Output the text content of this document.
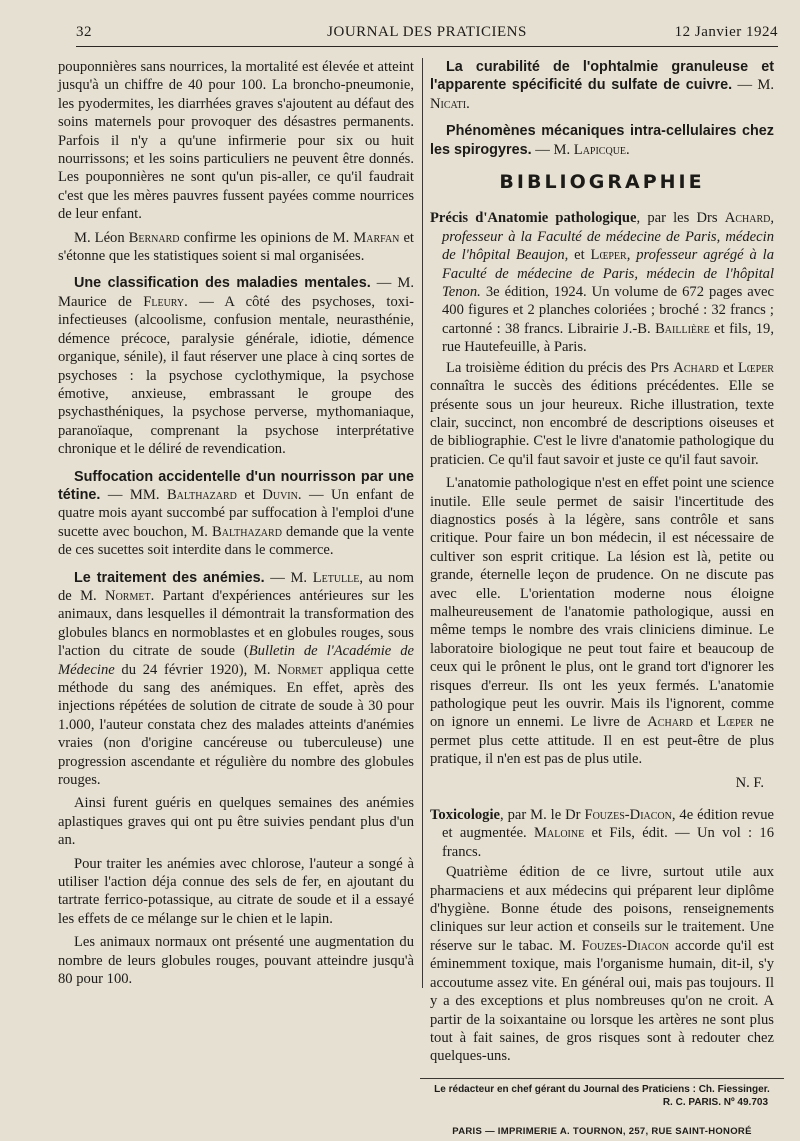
32	JOURNAL DES PRATICIENS	12 Janvier 1924

pouponnières sans nourrices, la mortalité est élevée et atteint jusqu'à un chiffre de 40 pour 100. La broncho-pneumonie, les pyodermites, les diarrhées graves s'ajoutent au défaut des soins maternels pour provoquer des désastres permanents. Parfois il n'y a qu'une infirmerie pour six ou huit nourrissons; et les soins particuliers ne peuvent être donnés. Les pouponnières ne sont qu'un pis-aller, ce qu'il faudrait c'est que les mères pauvres fussent payées comme nourrices de leur enfant.

M. Léon Bernard confirme les opinions de M. Marfan et s'étonne que les statistiques soient si mal organisées.

Une classification des maladies mentales. — M. Maurice de Fleury. — A côté des psychoses, toxi-infectieuses (alcoolisme, confusion mentale, neurasthénie, démence précoce, paralysie générale, idiotie, démence organique, sénile), il faut réserver une place à cinq sortes de psychoses : la psychose cyclothymique, la psychose émotive, anxieuse, embrassant le groupe des psychasthéniques, la psychose perverse, mythomaniaque, paranoïaque, comprenant la psychose interprétative chronique et le déliré de revendication.

Suffocation accidentelle d'un nourrisson par une tétine. — MM. Balthazard et Duvin. — Un enfant de quatre mois ayant succombé par suffocation à l'emploi d'une sucette avec bouchon, M. Balthazard demande que la vente de ces sucettes soit interdite dans le commerce.

Le traitement des anémies. — M. Letulle, au nom de M. Normet. Partant d'expériences antérieures sur les animaux, dans lesquelles il démontrait la transformation des globules blancs en normoblastes et en globules rouges, sous l'action du citrate de soude (Bulletin de l'Académie de Médecine du 24 février 1920), M. Normet appliqua cette méthode du sang des anémiques. En effet, après des injections répétées de solution de citrate de soude à 30 pour 1.000, l'auteur constata chez des malades atteints d'anémies vraies (non d'origine cancéreuse ou tuberculeuse) une progression ascendante et régulière du nombre des globules rouges.

Ainsi furent guéris en quelques semaines des anémies aplastiques graves qui ont pu être suivies pendant plus d'un an.

Pour traiter les anémies avec chlorose, l'auteur a songé à utiliser l'action déja connue des sels de fer, en ajoutant du tartrate ferrico-potassique, au citrate de soude et il a essayé les effets de ce mélange sur le chien et le lapin.

Les animaux normaux ont présenté une augmentation du nombre de leurs globules rouges, pouvant atteindre jusqu'à 80 pour 100.

La curabilité de l'ophtalmie granuleuse et l'apparente spécificité du sulfate de cuivre. — M. Nicati.

Phénomènes mécaniques intra-cellulaires chez les spirogyres. — M. Lapicque.

BIBLIOGRAPHIE

Précis d'Anatomie pathologique, par les Drs Achard, professeur à la Faculté de médecine de Paris, médecin de l'hôpital Beaujon, et Lœper, professeur agrégé à la Faculté de médecine de Paris, médecin de l'hôpital Tenon. 3e édition, 1924. Un volume de 672 pages avec 400 figures et 2 planches coloriées ; broché : 32 francs ; cartonné : 38 francs. Librairie J.-B. Baillière et fils, 19, rue Hautefeuille, à Paris.

La troisième édition du précis des Prs Achard et Lœper connaîtra le succès des éditions précédentes. Elle se présente sous un jour heureux. Riche illustration, texte clair, succinct, non encombré de descriptions oiseuses et de bibliographie. C'est le livre d'anatomie pathologique du praticien. Ce qu'il faut savoir et juste ce qu'il faut savoir.

L'anatomie pathologique n'est en effet point une science inutile. Elle seule permet de saisir l'incertitude des diagnostics posés à la légère, sans contrôle et sans critique. Pour faire un bon médecin, il est nécessaire de cultiver son esprit critique. La lésion est là, petite ou grande, éternelle leçon de prudence. On ne discute pas avec elle. L'orientation moderne nous éloigne malheureusement de l'anatomie pathologique, aussi en même temps le nombre des vrais cliniciens diminue. Le laboratoire biologique ne peut tout faire et beaucoup de ceux qui le prônent le plus, ont le grand tort d'ignorer les risques d'erreur. Ils ont les yeux fermés. L'anatomie pathologique peut les ouvrir. Mais ils l'ignorent, comme on ignore un ennemi. Le livre de Achard et Lœper ne permet plus cette attitude. Il en est peut-être de plus pratique, il n'en est pas de plus utile.

N. F.

Toxicologie, par M. le Dr Fouzes-Diacon, 4e édition revue et augmentée. Maloine et Fils, édit. — Un vol : 16 francs.

Quatrième édition de ce livre, surtout utile aux pharmaciens et aux médecins qui préparent leur diplôme d'hygiène. Bonne étude des poisons, renseignements cliniques sur leur action et conseils sur le traitement. Une réserve sur le tabac. M. Fouzes-Diacon accorde qu'il est éminemment toxique, mais l'organisme humain, dit-il, s'y accoutume assez vite. En général oui, mais pas toujours. Il y a des exceptions et plus nombreuses qu'on ne croit. A partir de la soixantaine ou lorsque les artères ne sont plus tout à fait saines, de gros risques sont à redouter chez quelques-uns.

Le rédacteur en chef gérant du Journal des Praticiens : Ch. Fiessinger.
R. C. PARIS. Nº 49.703
PARIS — IMPRIMERIE A. TOURNON, 257, RUE SAINT-HONORÉ
